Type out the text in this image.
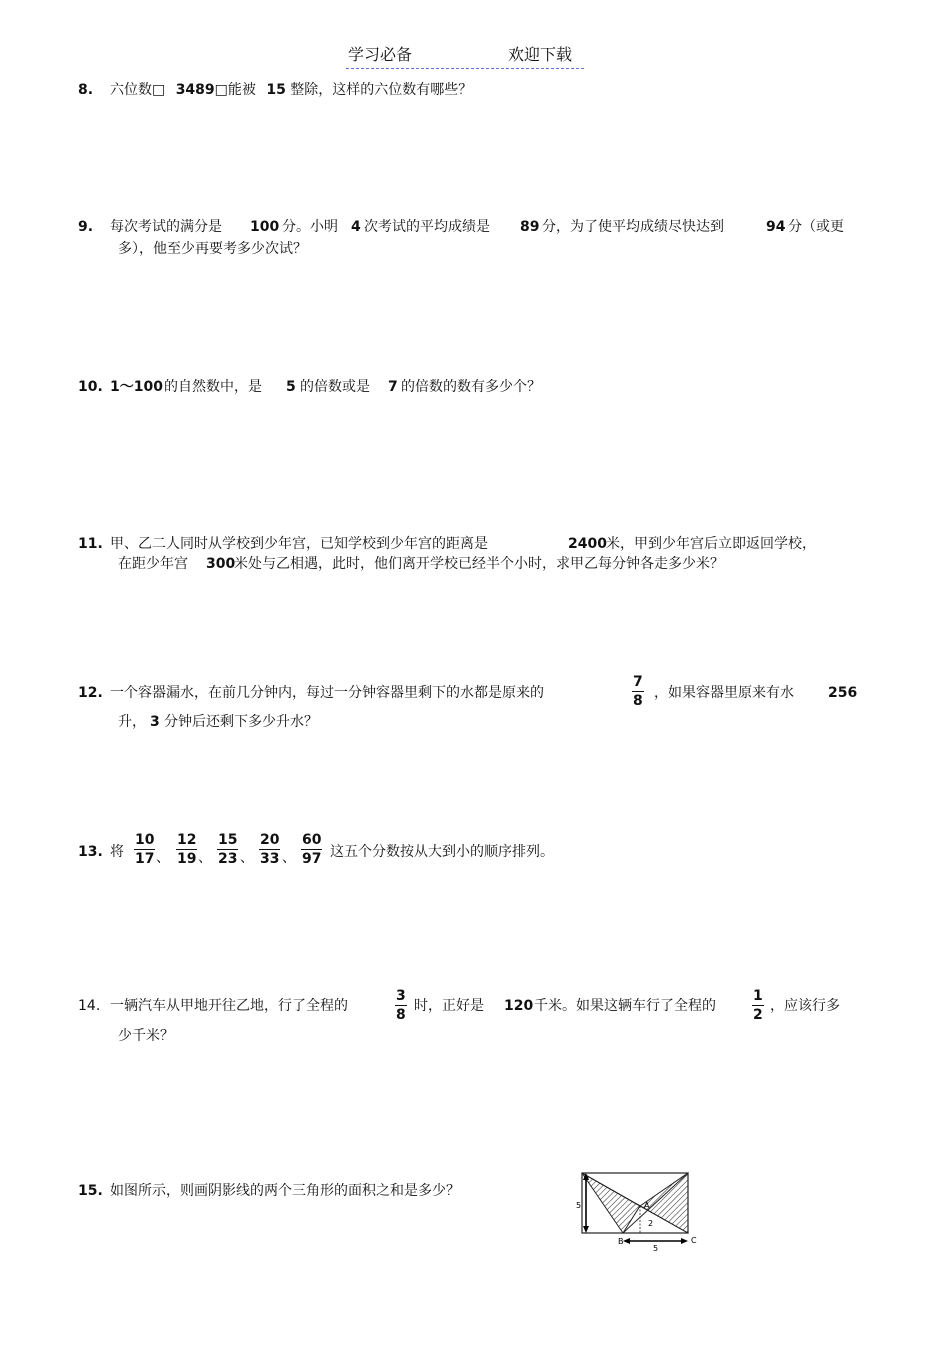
学习必备	欢迎下载
8. 六位数□ 3489□能被 15 整除，这样的六位数有哪些？
9. 每次考试的满分是 100 分。小明 4 次考试的平均成绩是 89 分，为了使平均成绩尽快达到	94 分（或更
多），他至少再要考多少次试？
10. 1～100 的自然数中，是 5 的倍数或是 7 的倍数的数有多少个？
11. 甲、乙二人同时从学校到少年宫，已知学校到少年宫的距离是	2400 米，甲到少年宫后立即返回学校，
在距少年宫 300
米处与乙相遇，此时，他们离开学校已经半个小时，求甲乙每分钟各走多少米？
12. 一个容器漏水，在前几分钟内，每过一分钟容器里剩下的水都是原来的	$\frac{7}{8}$ ，如果容器里原来有水 256
升， 3 分钟后还剩下多少升水？
13. 将 $\frac{10}{17}$ 、 $\frac{12}{19}$ 、 $\frac{15}{23}$ 、 $\frac{20}{33}$ 、 $\frac{60}{97}$ 这五个分数按从大到小的顺序排列。
14. 一辆汽车从甲地开往乙地，行了全程的	$\frac{3}{8}$ 时，正好是 120 千米。如果这辆车行了全程的	$\frac{1}{2}$ ，应该行多
少千米？
15. 如图所示，则画阴影线的两个三角形的面积之和是多少？
5	A
2
B	C
5
